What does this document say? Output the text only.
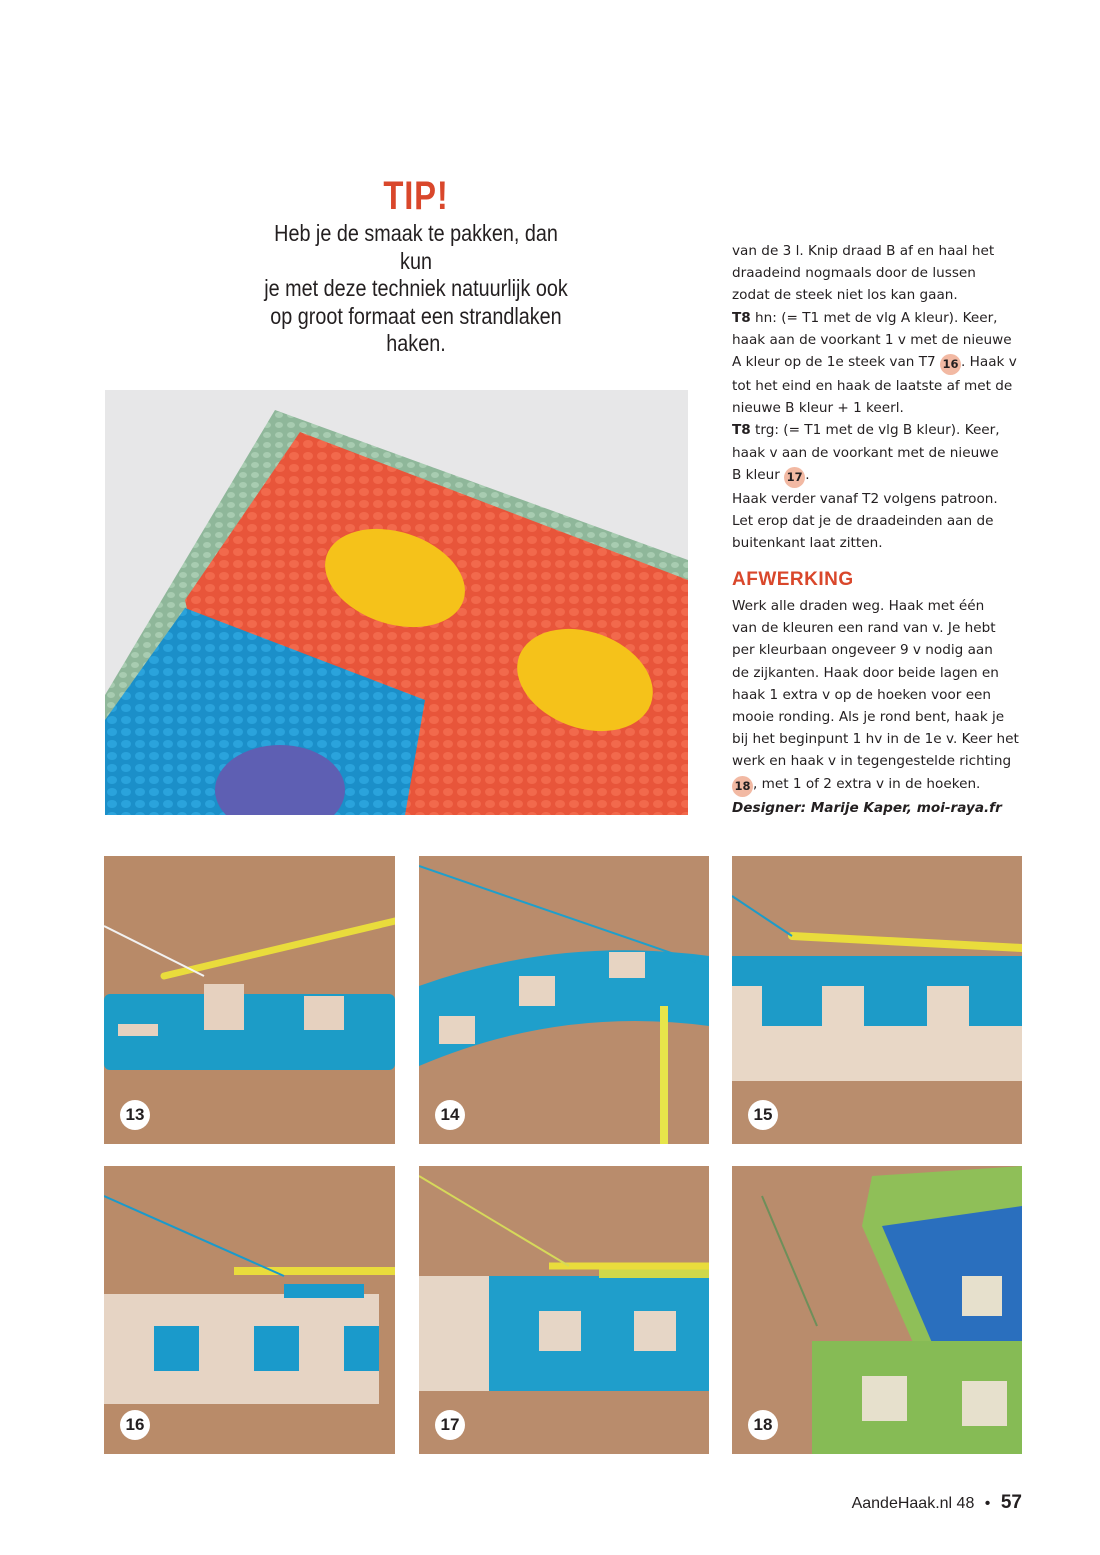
TIP!
Heb je de smaak te pakken, dan kun
je met deze techniek natuurlijk ook
op groot formaat een strandlaken
haken.

van de 3 l. Knip draad B af en haal het

draadeind nogmaals door de lussen

zodat de steek niet los kan gaan.

T8 hn: (= T1 met de vlg A kleur). Keer,

haak aan de voorkant 1 v met de nieuwe

A kleur op de 1e steek van T7 16 . Haak v

tot het eind en haak de laatste af met de

nieuwe B kleur + 1 keerl.

T8 trg: (= T1 met de vlg B kleur). Keer,

haak v aan de voorkant met de nieuwe

B kleur 17 .

Haak verder vanaf T2 volgens patroon.

Let erop dat je de draadeinden aan de

buitenkant laat zitten.

AFWERKING

Werk alle draden weg. Haak met één

van de kleuren een rand van v. Je hebt

per kleurbaan ongeveer 9 v nodig aan

de zijkanten. Haak door beide lagen en

haak 1 extra v op de hoeken voor een

mooie ronding. Als je rond bent, haak je

bij het beginpunt 1 hv in de 1e v. Keer het

werk en haak v in tegengestelde richting

18 , met 1 of 2 extra v in de hoeken.

Designer: Marije Kaper, moi-raya.fr

13	14	15
16	17	18
AandeHaak.nl 48 • 57
